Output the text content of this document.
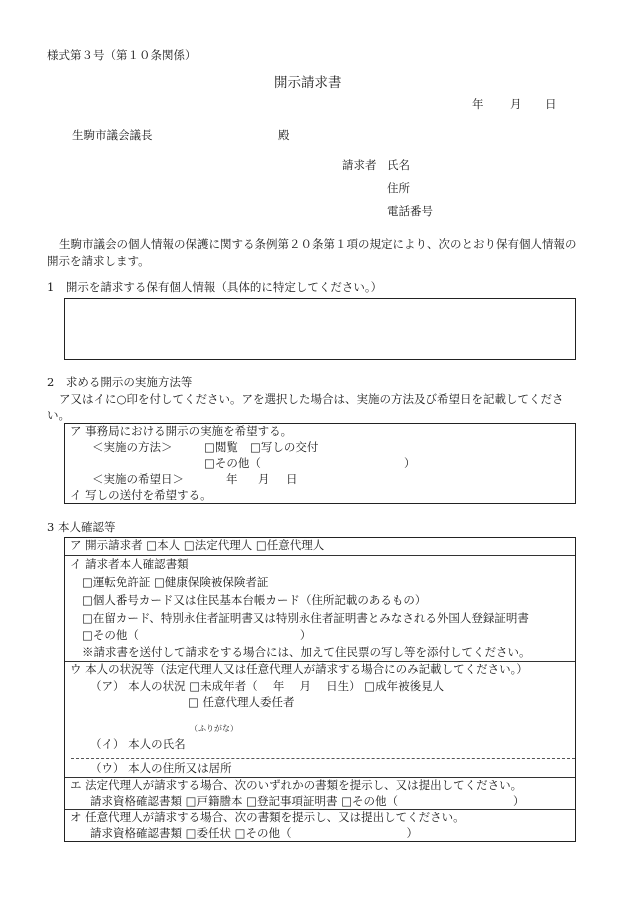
様式第３号（第１０条関係）
開示請求書
年 月 日
生駒市議会議長	殿
請求者 氏名
住所
電話番号
生駒市議会の個人情報の保護に関する条例第２０条第１項の規定により、次のとおり保有個人情報の開示を請求します。
1　開示を請求する保有個人情報（具体的に特定してください。）
2　求める開示の実施方法等
ア又はイに○印を付してください。アを選択した場合は、実施の方法及び希望日を記載してください。
ア 事務局における開示の実施を希望する。
＜実施の方法＞	□閲覧 □写しの交付
□その他（	）
＜実施の希望日＞	年 月 日
イ 写しの送付を希望する。
3 本人確認等
ア 開示請求者 □本人 □法定代理人 □任意代理人
イ 請求者本人確認書類
□運転免許証 □健康保険被保険者証
□個人番号カード又は住民基本台帳カード（住所記載のあるもの）
□在留カード、特別永住者証明書又は特別永住者証明書とみなされる外国人登録証明書
□その他（　　　　　　　　　　　　　　）
※請求書を送付して請求をする場合には、加えて住民票の写し等を添付してください。
ウ 本人の状況等（法定代理人又は任意代理人が請求する場合にのみ記載してください。）
（ア） 本人の状況 □未成年者（　 年　 月　 日生） □成年被後見人
□ 任意代理人委任者
（ふりがな）
（イ） 本人の氏名
（ウ） 本人の住所又は居所
エ 法定代理人が請求する場合、次のいずれかの書類を提示し、又は提出してください。
請求資格確認書類 □戸籍謄本 □登記事項証明書 □その他（　　　　　　　　　　）
オ 任意代理人が請求する場合、次の書類を提示し、又は提出してください。
請求資格確認書類 □委任状 □その他（　　　　　　　　　　）
